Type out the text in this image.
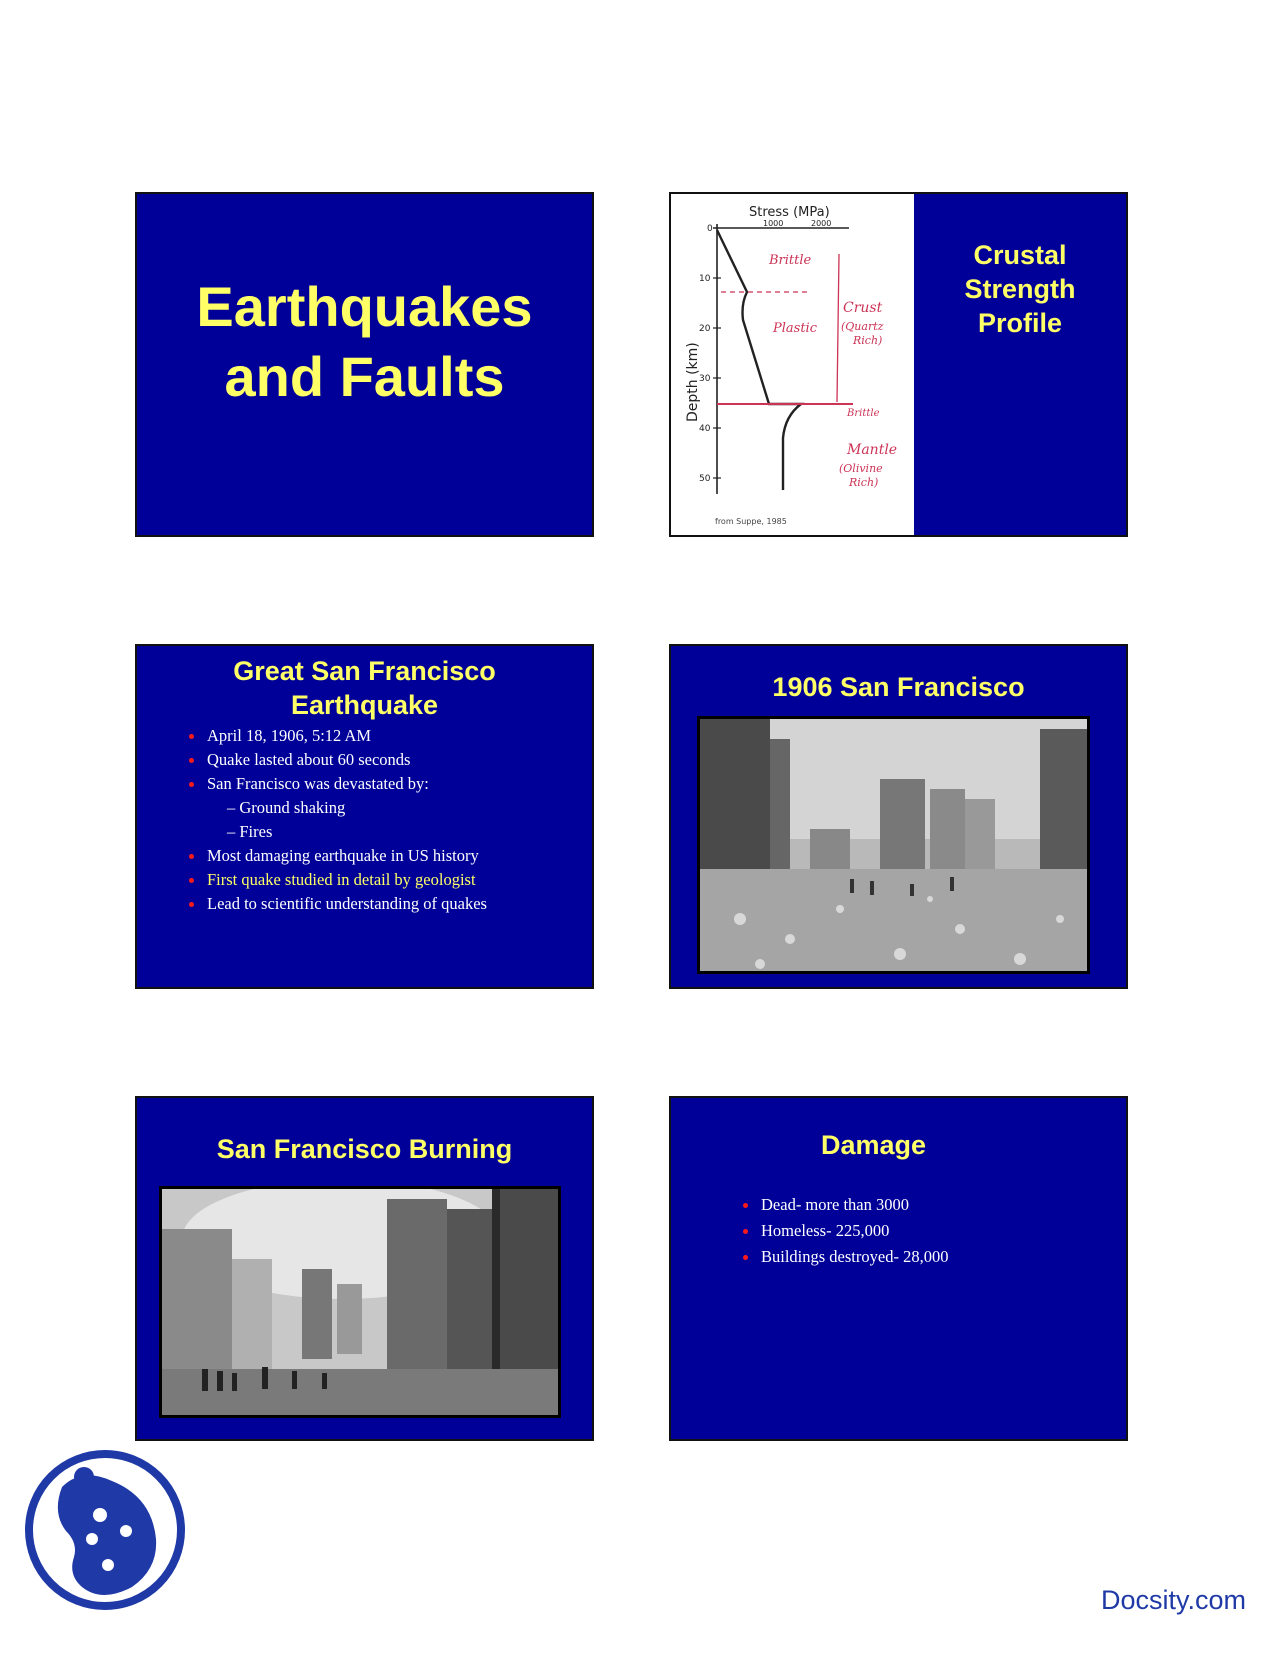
Earthquakes
and Faults
Stress (MPa)
1000	2000
0
10
20
30
40
50
Depth (km)
Brittle
Plastic
Crust
(Quartz
Rich)
Brittle
Mantle
(Olivine
Rich)
from Suppe, 1985
Crustal
Strength
Profile
Great San Francisco
Earthquake
April 18, 1906, 5:12 AM
Quake lasted about 60 seconds
San Francisco was devastated by:
– Ground shaking
– Fires
Most damaging earthquake in US history
First quake studied in detail by geologist
Lead to scientific understanding of quakes
1906 San Francisco
San Francisco Burning	Damage
Dead- more than 3000
Homeless- 225,000
Buildings destroyed- 28,000
Docsity.com
